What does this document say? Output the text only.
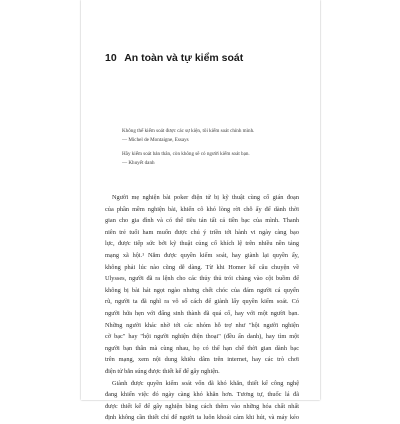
10 An toàn và tự kiểm soát
Không thể kiểm soát được các sự kiện, tôi kiểm soát chính mình.
— Michel de Montaigne, Essays
Hãy kiểm soát bản thân, còn không sẽ có người kiểm soát bạn.
— Khuyết danh
Người mẹ nghiện bài poker điện tử bị kỹ thuật cùng cố gián đoạn
của phần mềm nghiện bài, khiến cô khó lòng rời chỗ ấy để dành thời
gian cho gia đình và có thể tiêu tán tất cả tiền bạc của mình. Thanh
niên trẻ tuổi ham muốn được chú ý triền tới hành vi ngày càng bạo
lực, được tiếp sức bởi kỹ thuật củng cố khích lệ trên nhiều nền tảng
mạng xã hội.¹ Nắm được quyền kiểm soát, hay giành lại quyền ấy,
không phải lúc nào cũng dễ dàng. Từ khi Homer kể câu chuyện về
Ulysses, người đã ra lệnh cho các thủy thủ trói chàng vào cột buồm để
không bị bài hát ngọt ngào nhưng chết chóc của đám người cá quyến
rũ, người ta đã nghĩ ra vô số cách để giành lấy quyền kiểm soát. Có
người hứa hẹn với đấng sinh thành đã quá cố, hay với một người bạn.
Những người khác nhờ tới các nhóm hỗ trợ như "hội người nghiện
cờ bạc" hay "hội người nghiện điện thoại" (đều ẩn danh), hay tìm một
người bạn thân mà cùng nhau, họ có thể hạn chế thời gian dành bạc
trên mạng, xem nội dung khiêu dâm trên internet, hay các trò chơi
điện tử bắn súng được thiết kế để gây nghiện.
Giành được quyền kiểm soát vốn đã khó khăn, thiết kế công nghệ
đang khiến việc đó ngày càng khó khăn hơn. Tương tự, thuốc lá đã
được thiết kế để gây nghiện bằng cách thêm vào những hóa chất nhất
định không cần thiết chỉ để người ta luôn khoái cảm khi hút, và máy kéo
